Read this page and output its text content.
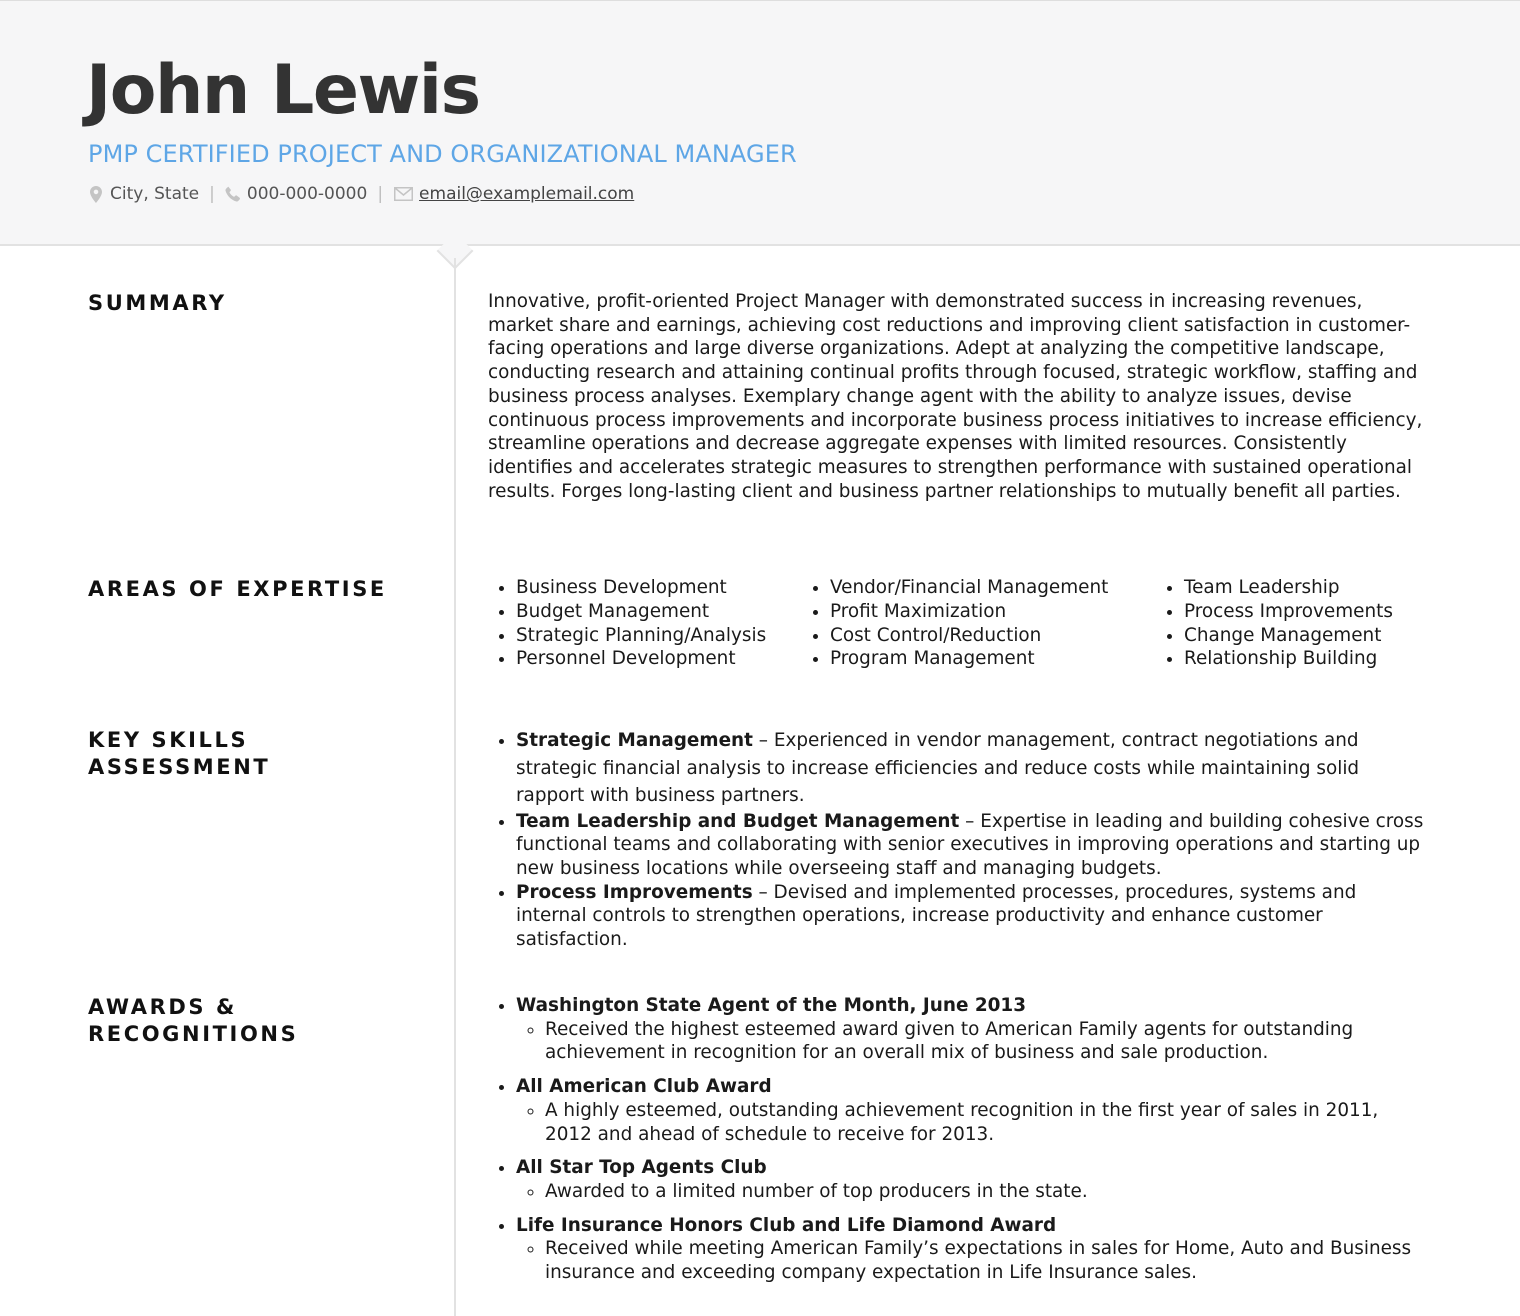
John Lewis
PMP CERTIFIED PROJECT AND ORGANIZATIONAL MANAGER
City, State | 000-000-0000 | email@examplemail.com
SUMMARY	Innovative, profit-oriented Project Manager with demonstrated success in increasing revenues, market share and earnings, achieving cost reductions and improving client satisfaction in customer-facing operations and large diverse organizations. Adept at analyzing the competitive landscape, conducting research and attaining continual profits through focused, strategic workflow, staffing and business process analyses. Exemplary change agent with the ability to analyze issues, devise continuous process improvements and incorporate business process initiatives to increase efficiency, streamline operations and decrease aggregate expenses with limited resources. Consistently identifies and accelerates strategic measures to strengthen performance with sustained operational results. Forges long-lasting client and business partner relationships to mutually benefit all parties.
AREAS OF EXPERTISE
•	Business Development
• Budget Management
• Strategic Planning/Analysis
• Personnel Development
• Vendor/Financial Management
• Profit Maximization
• Cost Control/Reduction
• Program Management
• Team Leadership
• Process Improvements
• Change Management
• Relationship Building
KEY SKILLS ASSESSMENT
• Strategic Management – Experienced in vendor management, contract negotiations and strategic financial analysis to increase efficiencies and reduce costs while maintaining solid rapport with business partners.
• Team Leadership and Budget Management – Expertise in leading and building cohesive cross functional teams and collaborating with senior executives in improving operations and starting up new business locations while overseeing staff and managing budgets.
• Process Improvements – Devised and implemented processes, procedures, systems and internal controls to strengthen operations, increase productivity and enhance customer satisfaction.
AWARDS & RECOGNITIONS
• Washington State Agent of the Month, June 2013
◦ Received the highest esteemed award given to American Family agents for outstanding achievement in recognition for an overall mix of business and sale production.
• All American Club Award
◦ A highly esteemed, outstanding achievement recognition in the first year of sales in 2011, 2012 and ahead of schedule to receive for 2013.
• All Star Top Agents Club
◦ Awarded to a limited number of top producers in the state.
• Life Insurance Honors Club and Life Diamond Award
◦ Received while meeting American Family’s expectations in sales for Home, Auto and Business insurance and exceeding company expectation in Life Insurance sales.
